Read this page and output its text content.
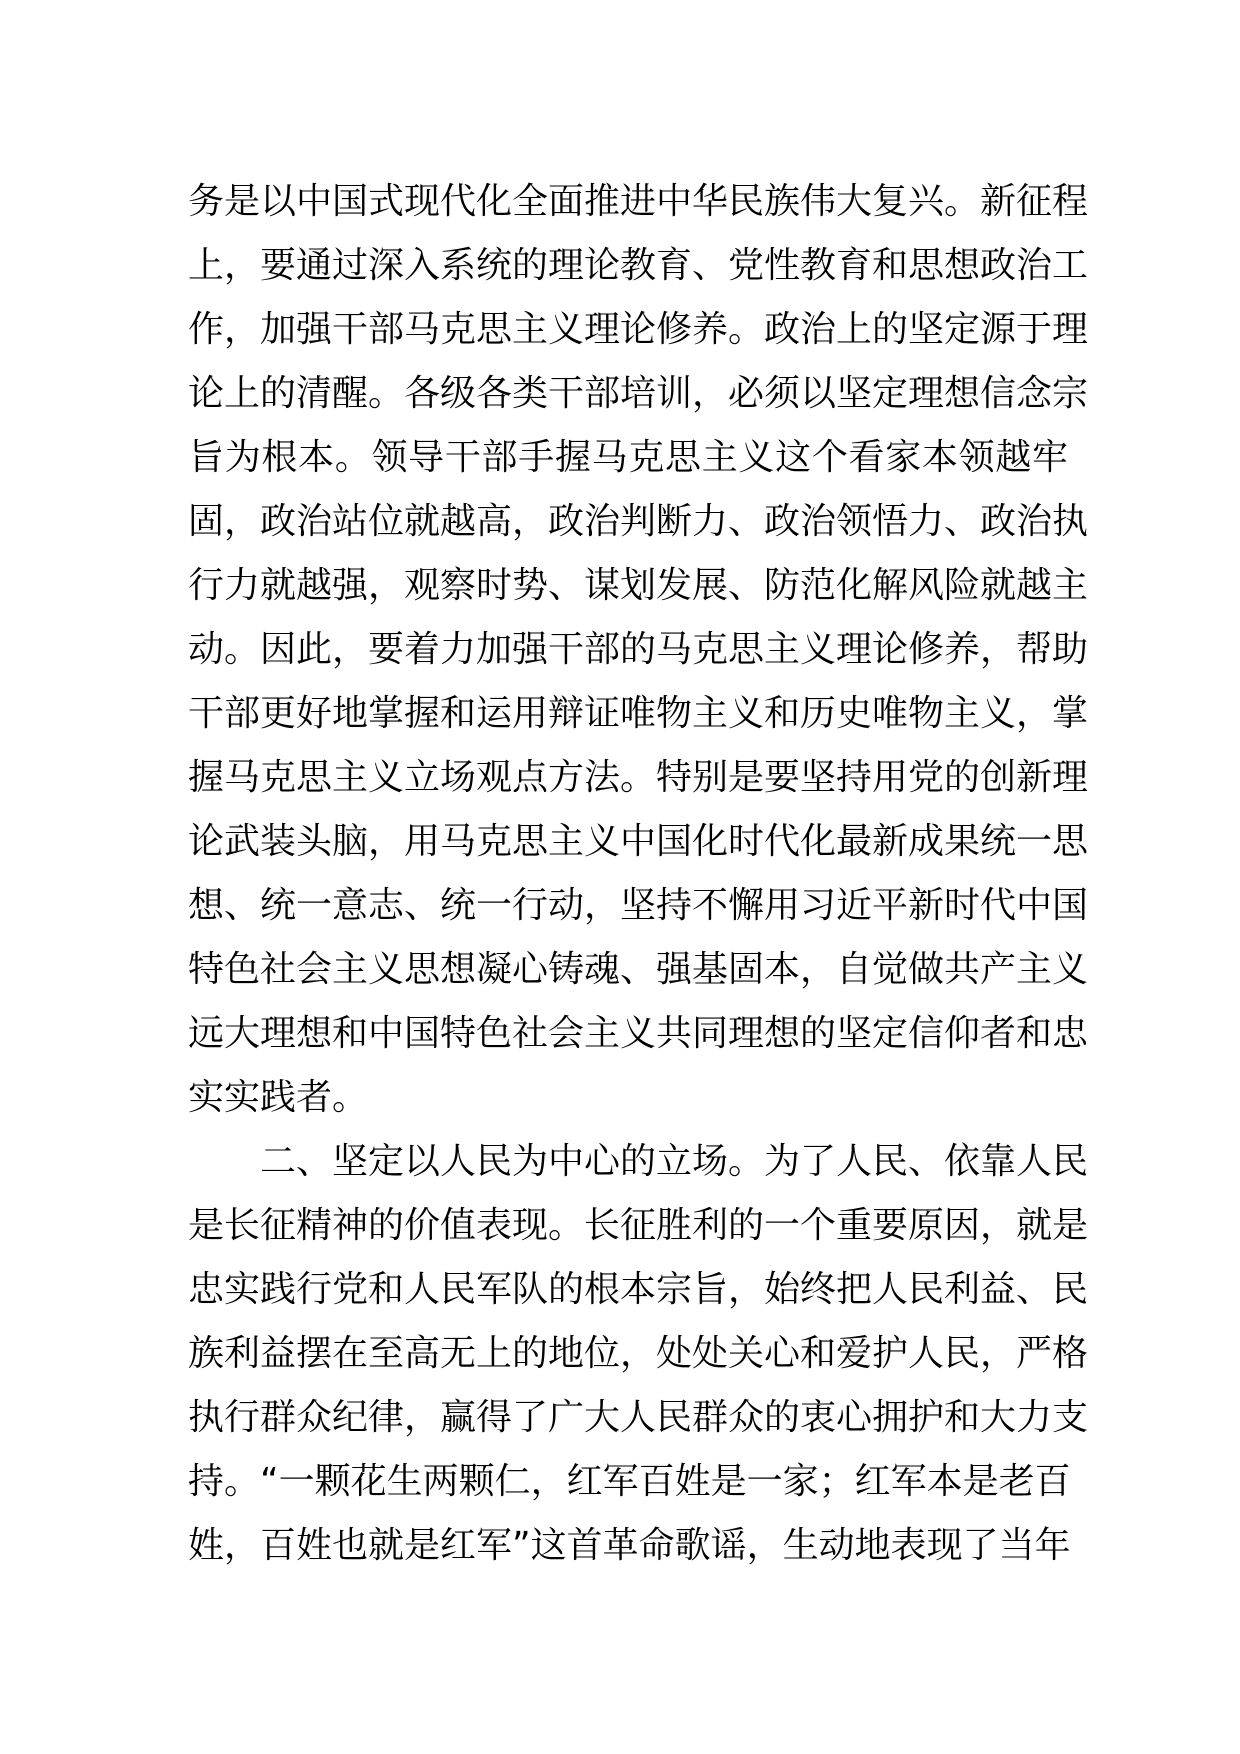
务是以中国式现代化全面推进中华民族伟大复兴。新征程
上，要通过深入系统的理论教育、党性教育和思想政治工
作，加强干部马克思主义理论修养。政治上的坚定源于理
论上的清醒。各级各类干部培训，必须以坚定理想信念宗
旨为根本。领导干部手握马克思主义这个看家本领越牢
固，政治站位就越高，政治判断力、政治领悟力、政治执
行力就越强，观察时势、谋划发展、防范化解风险就越主
动。因此，要着力加强干部的马克思主义理论修养，帮助
干部更好地掌握和运用辩证唯物主义和历史唯物主义，掌
握马克思主义立场观点方法。特别是要坚持用党的创新理
论武装头脑，用马克思主义中国化时代化最新成果统一思
想、统一意志、统一行动，坚持不懈用习近平新时代中国
特色社会主义思想凝心铸魂、强基固本，自觉做共产主义
远大理想和中国特色社会主义共同理想的坚定信仰者和忠
实实践者。
　　二、坚定以人民为中心的立场。为了人民、依靠人民
是长征精神的价值表现。长征胜利的一个重要原因，就是
忠实践行党和人民军队的根本宗旨，始终把人民利益、民
族利益摆在至高无上的地位，处处关心和爱护人民，严格
执行群众纪律，赢得了广大人民群众的衷心拥护和大力支
持。“一颗花生两颗仁，红军百姓是一家；红军本是老百
姓，百姓也就是红军”这首革命歌谣，生动地表现了当年
